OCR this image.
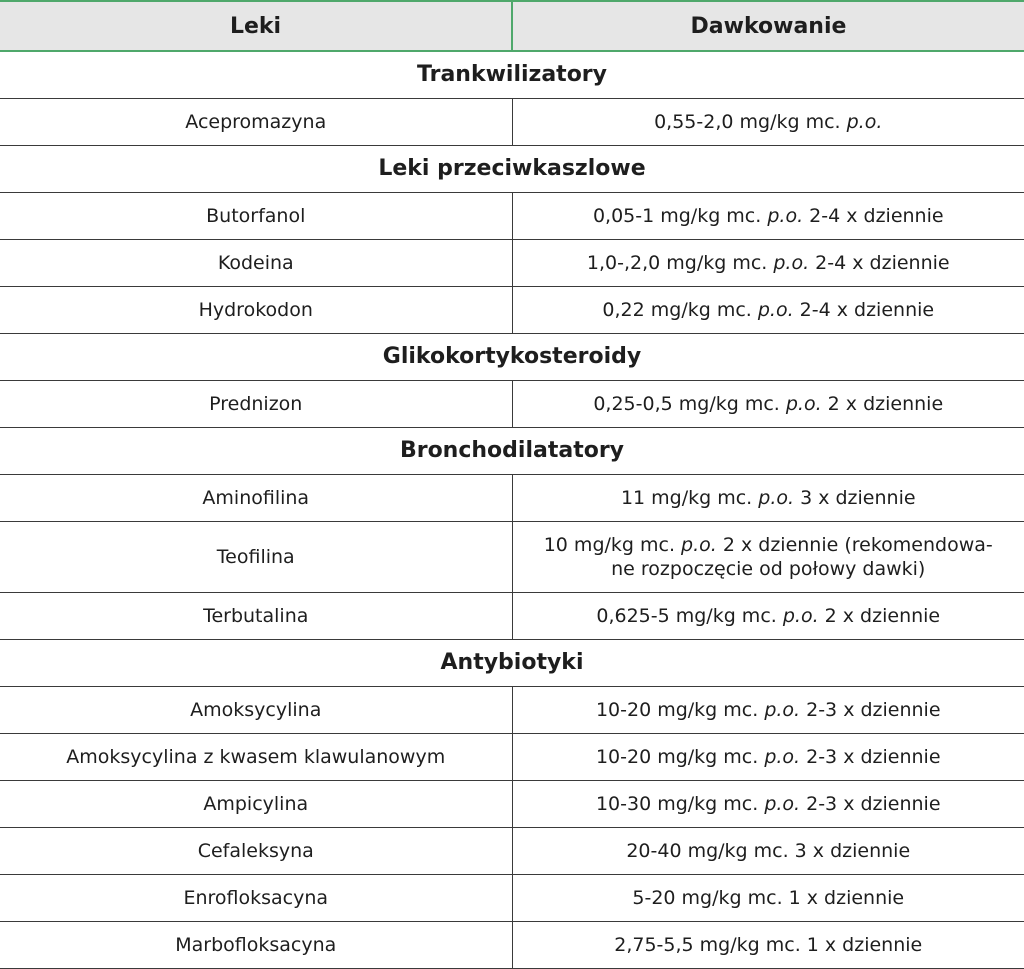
Leki	Dawkowanie
Trankwilizatory	
Acepromazyna	0,55-2,0 mg/kg mc. p.o.
Leki przeciwkaszlowe	
Butorfanol	0,05-1 mg/kg mc. p.o. 2-4 x dziennie
Kodeina	1,0-,2,0 mg/kg mc. p.o. 2-4 x dziennie
Hydrokodon	0,22 mg/kg mc. p.o. 2-4 x dziennie
Glikokortykosteroidy	
Prednizon	0,25-0,5 mg/kg mc. p.o. 2 x dziennie
Bronchodilatatory	
Aminofilina	11 mg/kg mc. p.o. 3 x dziennie
Teofilina	10 mg/kg mc. p.o. 2 x dziennie (rekomendowa-
ne rozpoczęcie od połowy dawki)
Terbutalina	0,625-5 mg/kg mc. p.o. 2 x dziennie
Antybiotyki	
Amoksycylina	10-20 mg/kg mc. p.o. 2-3 x dziennie
Amoksycylina z kwasem klawulanowym	10-20 mg/kg mc. p.o. 2-3 x dziennie
Ampicylina	10-30 mg/kg mc. p.o. 2-3 x dziennie
Cefaleksyna	20-40 mg/kg mc. 3 x dziennie
Enrofloksacyna	5-20 mg/kg mc. 1 x dziennie
Marbofloksacyna	2,75-5,5 mg/kg mc. 1 x dziennie
